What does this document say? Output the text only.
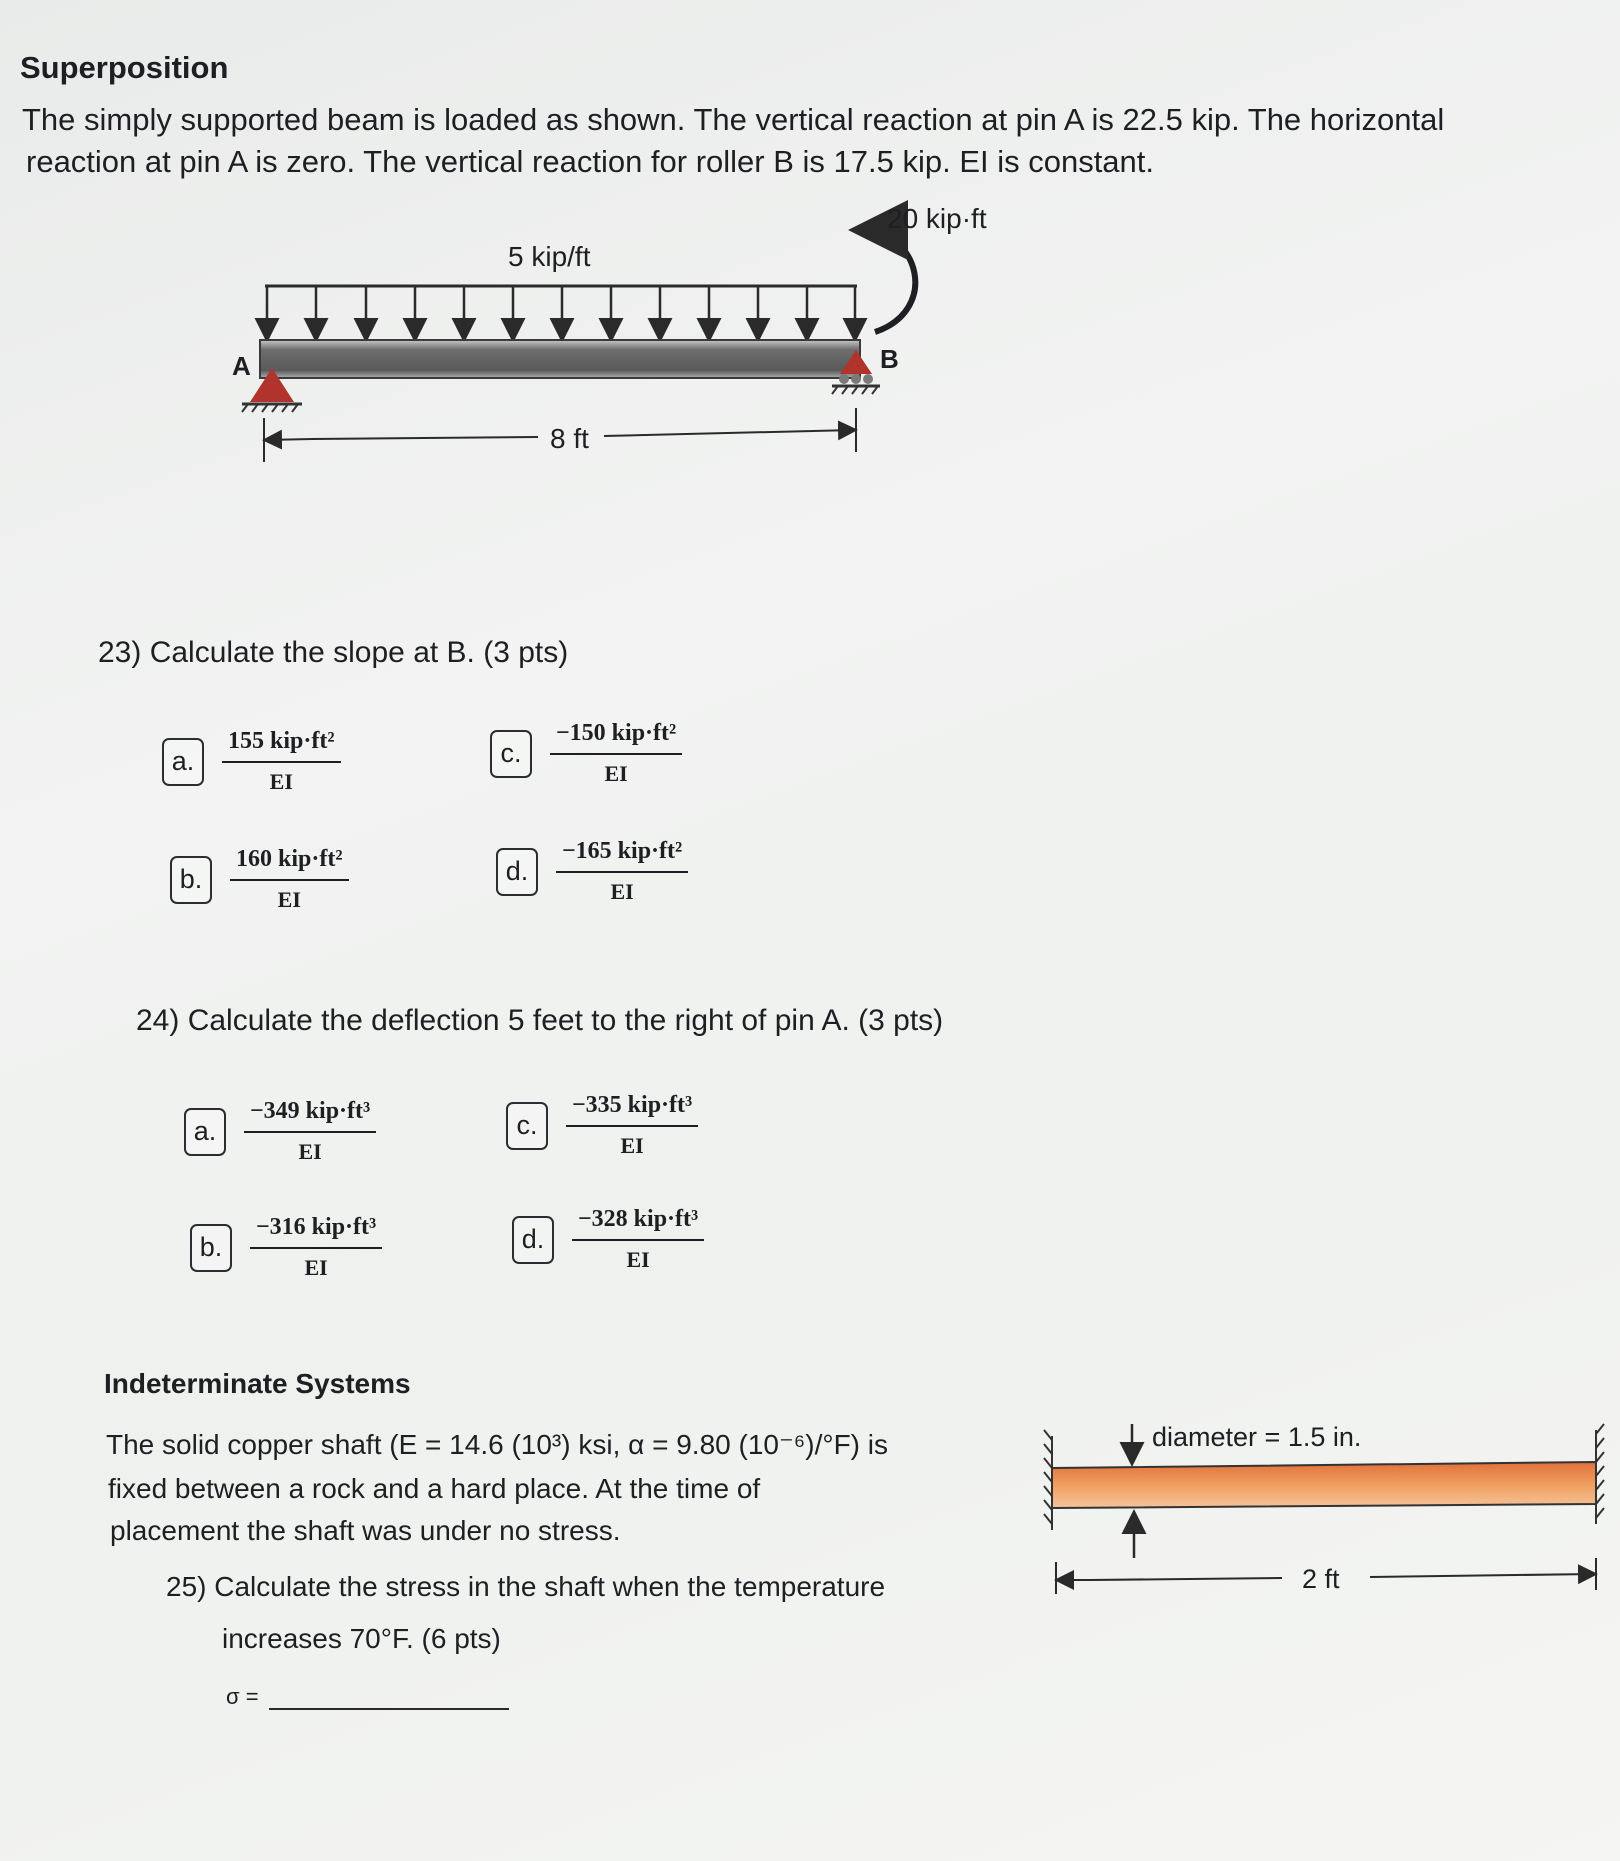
Superposition
The simply supported beam is loaded as shown. The vertical reaction at pin A is 22.5 kip. The horizontal
reaction at pin A is zero. The vertical reaction for roller B is 17.5 kip. EI is constant.
5 kip/ft
20 kip·ft
A	B
8 ft
23) Calculate the slope at B. (3 pts)
a.	$\frac{\text{155 kip·ft²}}{EI}$
b.	$\frac{\text{160 kip·ft²}}{EI}$
c.	$\frac{\text{−150 kip·ft²}}{EI}$
d.	$\frac{\text{−165 kip·ft²}}{EI}$
24) Calculate the deflection 5 feet to the right of pin A. (3 pts)
a.	$\frac{\text{−349 kip·ft³}}{EI}$
b.	$\frac{\text{−316 kip·ft³}}{EI}$
c.	$\frac{\text{−335 kip·ft³}}{EI}$
d.	$\frac{\text{−328 kip·ft³}}{EI}$
Indeterminate Systems
The solid copper shaft (E = 14.6 (10³) ksi, α = 9.80 (10⁻⁶)/°F) is
fixed between a rock and a hard place. At the time of
placement the shaft was under no stress.
25) Calculate the stress in the shaft when the temperature
increases 70°F. (6 pts)
σ =
diameter = 1.5 in.
2 ft
